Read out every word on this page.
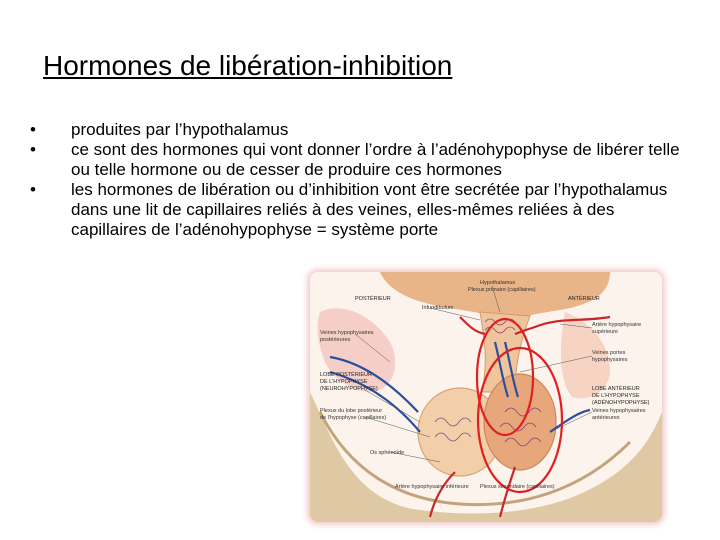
Hormones de libération-inhibition
•	produites par l’hypothalamus
•	ce sont des hormones qui vont donner l’ordre à l’adénohypophyse de libérer telle ou telle hormone ou de cesser de produire ces hormones
•	les hormones de libération ou d’inhibition vont être secrétée par l’hypothalamus dans une lit de capillaires reliés à des veines, elles-mêmes reliées à des capillaires de l’adénohypophyse = système porte
Hypothalamus
Plexus primaire (capillaires)
POSTÉRIEUR	ANTÉRIEUR
Infundibulum
Artère hypophysaire
supérieure
Veines hypophysaires
postérieures
Veines portes
hypophysaires
LOBE POSTÉRIEUR
DE L'HYPOPHYSE
(NEUROHYPOPHYSE)
Plexus du lobe postérieur
de l'hypophyse (capillaires)
LOBE ANTÉRIEUR
DE L'HYPOPHYSE
(ADÉNOHYPOPHYSE)
Veines hypophysaires
antérieures
Os sphénoïde
Artère hypophysaire inférieure Plexus secondaire (capillaires)
